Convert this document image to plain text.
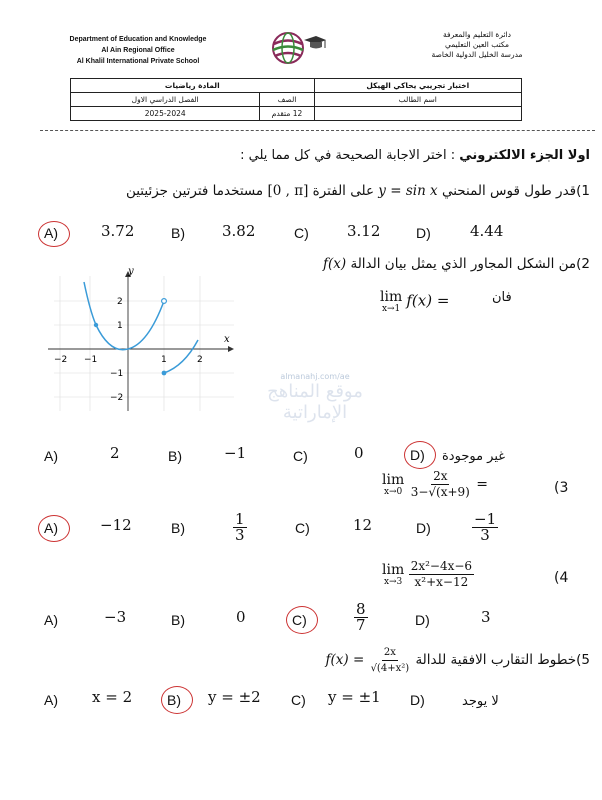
Department of Education and Knowledge
Al Ain Regional Office
Al Khalil International Private School
دائرة التعليم والمعرفة
مكتب العين التعليمي
مدرسة الخليل الدولية الخاصة
اختبار تجريبي يحاكي الهيكل	المادة رياضيات	
اسم الطالب	الصف	الفصل الدراسي الاول
	12 متقدم	2025-2024
اولا الجزء الالكتروني : اختر الاجابة الصحيحة في كل مما يلي :
1)قدر طول قوس المنحني y = sin x على الفترة [0 , π] مستخدما فترتين جزئيتين
A)	3.72	B) 3.82	C)	3.12	D)	4.44
2)من الشكل المجاور الذي يمثل بيان الدالة f(x)
lim
x→1 f(x) =	فان
x
y
−2 −1	1	2
2
1
−1
−2
almanahj.com/ae
موقع المناهج الإماراتية
A)	2	B)	−1	C)	0	D) غير موجودة
lim
x→0
$\frac{2x}{3-√(x+9)}$ =	(3
A)	−12	B)	$\frac{1}{3}$	C)	12	D)	$\frac{-1}{3}$
lim
x→3
$\frac{\text{2x²−4x−6}}{\text{x²+x−12}}$	(4
A)	−3	B)	0	C)	$\frac{8}{7}$	D)	3
5)خطوط التقارب الافقية للدالة $f(x) = \frac{2x}{\text{√(4+x²)}}$
A) x = 2 B) y = ±2 C) y = ±1 D)	لا يوجد
